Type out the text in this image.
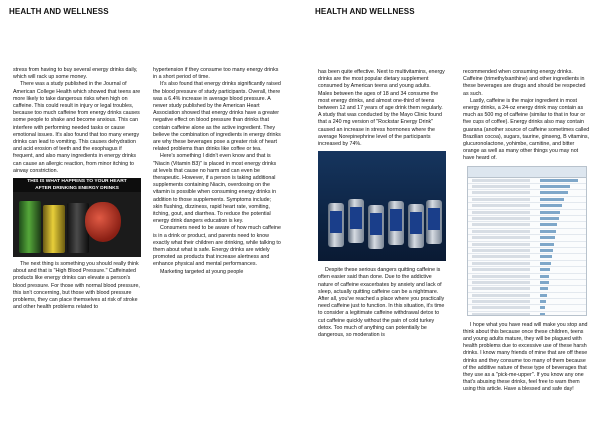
HEALTH AND WELLNESS

stress from having to buy several energy drinks daily, which will rack up some money.

There was a study published in the Journal of American College Health which showed that teens are more likely to take dangerous risks when high on caffeine. This could result in injury or legal troubles, because too much caffeine from energy drinks causes some people to shake and become anxious. This can interfere with performing needed tasks or cause emotional issues. It's also found that too many energy drinks can lead to vomiting. This causes dehydration and acid erosion of teeth and the esophagus if frequent, and also many ingredients in energy drinks can cause an allergic reaction, from minor itching to airway constriction.

THIS IS WHAT HAPPENS TO YOUR HEART
AFTER DRINKING ENERGY DRINKS

The next thing is something you should really think about and that is "High Blood Pressure." Caffeinated products like energy drinks can elevate a person's blood pressure. For those with normal blood pressure, this isn't concerning, but those with blood pressure problems, they can place themselves at risk of stroke and other health problems related to

hypertension if they consume too many energy drinks in a short period of time.

It's also found that energy drinks significantly raised the blood pressure of study participants. Overall, there was a 6.4% increase in average blood pressure. A newer study published by the American Heart Association showed that energy drinks have a greater negative effect on blood pressure than drinks that contain caffeine alone as the active ingredient. They believe the combination of ingredients in energy drinks are why these beverages pose a greater risk of heart related problems than drinks like coffee or tea.

Here's something I didn't even know and that is "Niacin (Vitamin B3)" is placed in most energy drinks at levels that cause no harm and can even be therapeutic. However, if a person is taking additional supplements containing Niacin, overdosing on the vitamin is possible when consuming energy drinks in addition to those supplements. Symptoms include; skin flushing, dizziness, rapid heart rate, vomiting, itching, gout, and diarrhea. To reduce the potential energy drink dangers education is key.

Consumers need to be aware of how much caffeine is in a drink or product, and parents need to know exactly what their children are drinking, while talking to them about what is safe. Energy drinks are widely promoted as products that increase alertness and enhance physical and mental performances.

Marketing targeted at young people

HEALTH AND WELLNESS

has been quite effective. Next to multivitamins, energy drinks are the most popular dietary supplement consumed by American teens and young adults. Males between the ages of 18 and 34 consume the most energy drinks, and almost one-third of teens between 12 and 17 years of age drink them regularly. A study that was conducted by the Mayo Clinic found that a 240 mg version of "Rockstar Energy Drink" caused an increase in stress hormones where the average Norepinephrine level of the participants increased by 74%.

Despite these serious dangers quitting caffeine is often easier said than done. Due to the addictive nature of caffeine exacerbates by anxiety and lack of sleep, actually quitting caffeine can be a nightmare. After all, you've reached a place where you practically need caffeine just to function. In this situation, it's time to consider a legitimate caffeine withdrawal detox to cut caffeine quickly without the pain of cold turkey detox. Too much of anything can potentially be dangerous, so moderation is

recommended when consuming energy drinks. Caffeine (trimethylxanthine) and other ingredients in these beverages are drugs and should be respected as such.

Lastly, caffeine is the major ingredient in most energy drinks, a 24-oz energy drink may contain as much as 500 mg of caffeine (similar to that in four or five cups of coffee). Energy drinks also may contain guarana (another source of caffeine sometimes called Brazilian cocoa), sugars, taurine, ginseng, B vitamins, glucuronolactone, yohimbe, carnitine, and bitter orange as well as many other things you may not have heard of.

I hope what you have read will make you stop and think about this because once these children, teens and young adults mature, they will be plagued with health problems due to excessive use of these harsh drinks. I know many friends of mine that are off these drinks and they consume too many of them because of the additive nature of these type of beverages that they use as a "pick-me-upper". If you know any one that's abusing these drinks, feel free to warn them using this article. Have a blessed and safe day!
